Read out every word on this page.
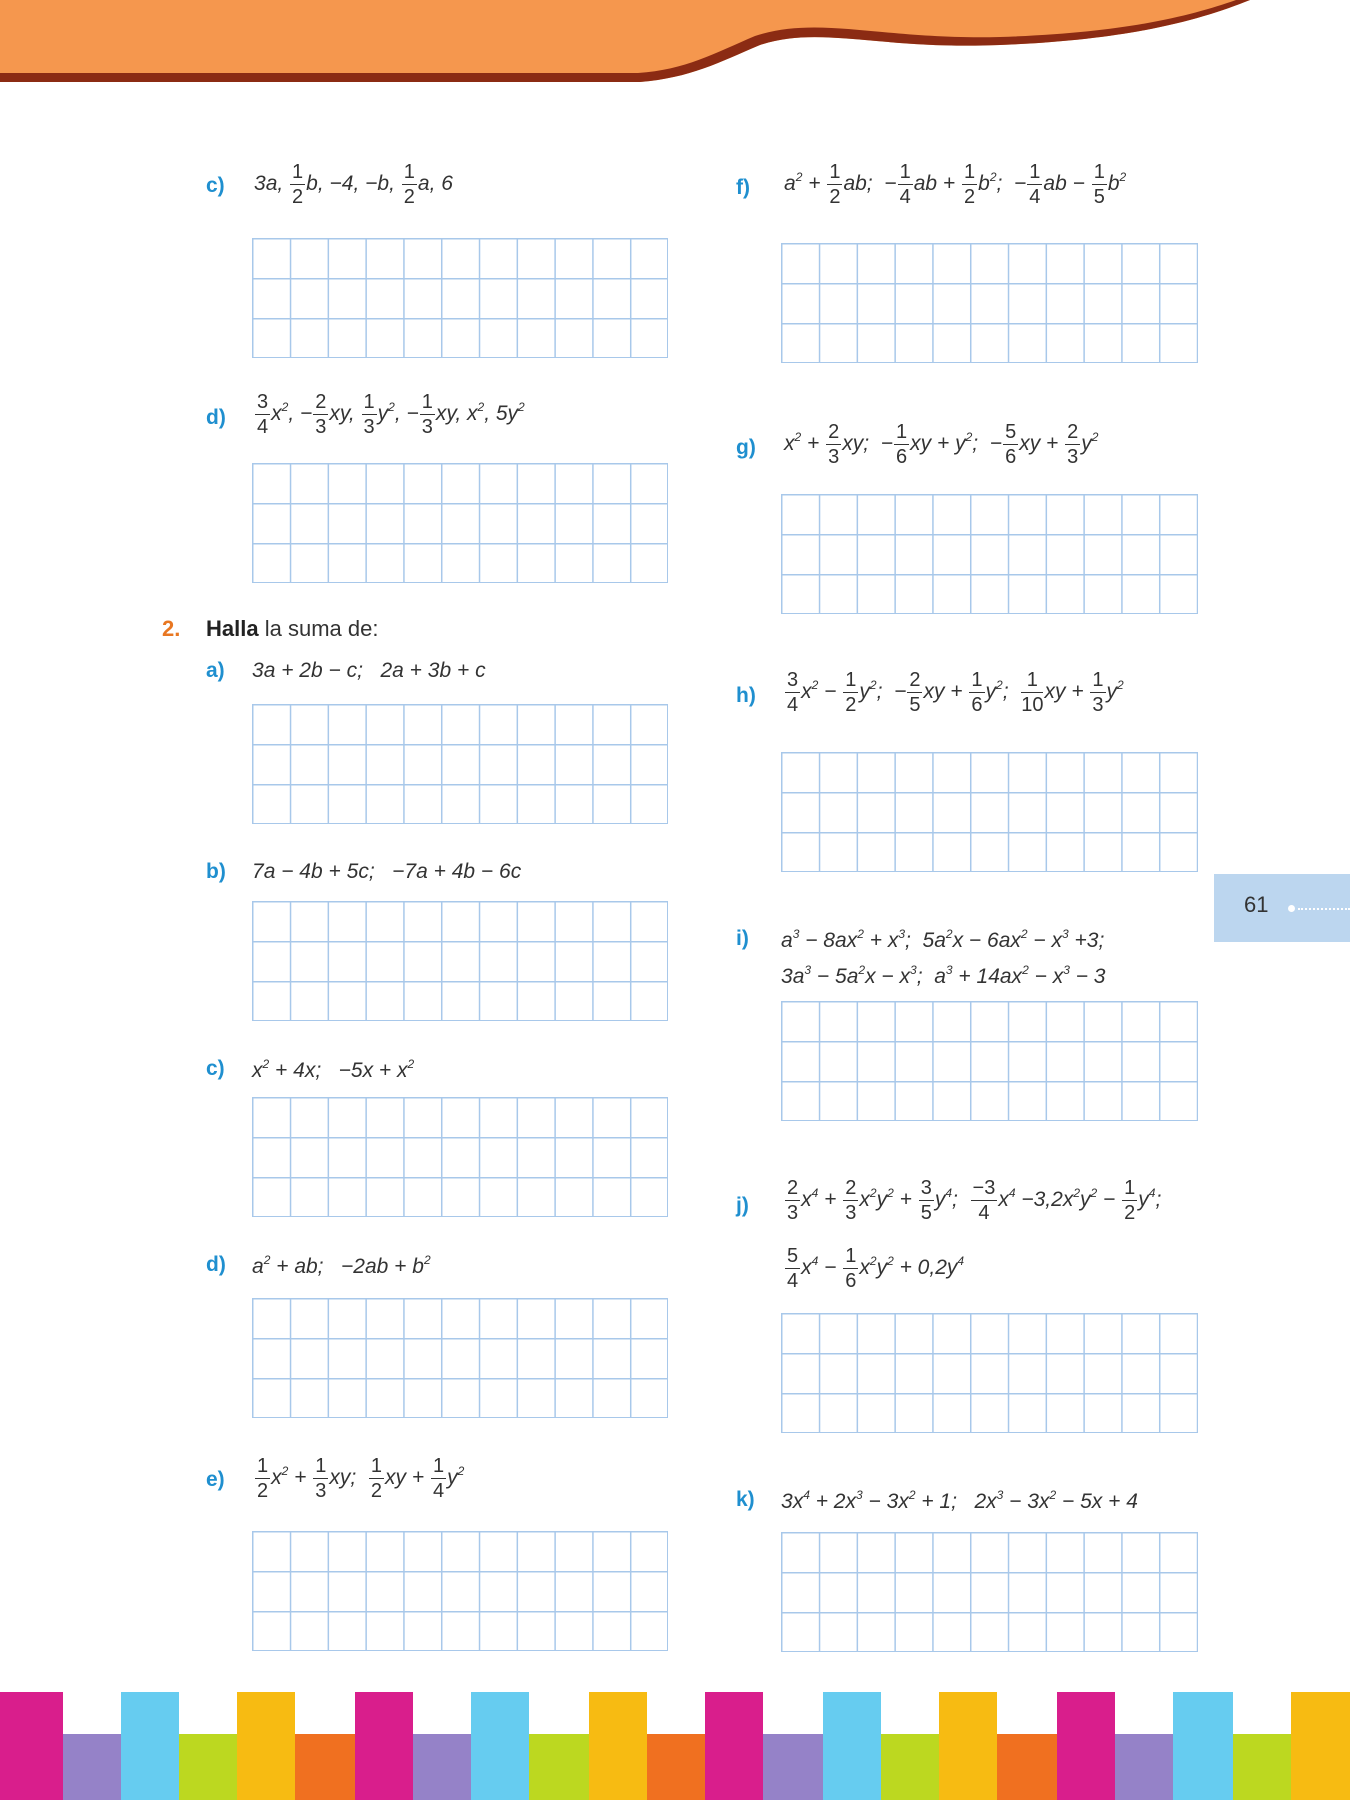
c) 3a, $\frac{1}{2} b$, −4, −b, $\frac{1}{2} a$, 6
$d) \frac{3}{4} x^2$, − $\frac{2}{3}$ xy, $\frac{1}{3} y^2$, − $\frac{1}{3}$ xy, $x^2$, $5y^2$
2. Halla la suma de:
a) 3a + 2b − c;   2a + 3b + c
b) 7a − 4b + 5c;   −7a + 4b − 6c
c) $x^2 + 4x$;   $-5x + x^2$
d) $a^2$ + ab;   $-2ab + b^2$
$e) \frac{1}{2} x^2 + \frac{1}{3}$ xy; $\frac{1}{2}$ xy + $\frac{1}{4} y^2$
f) $a^2 + \frac{1}{2}$ ab;  − $\frac{1}{4}$ ab + $\frac{1}{2} b^2$;  − $\frac{1}{4}$ ab − $\frac{1}{5} b^2$
g) $x^2 + \frac{2}{3}$ xy;  − $\frac{1}{6}$ xy + $y^2$;  − $\frac{5}{6}$ xy + $\frac{2}{3} y^2$
$h) \frac{3}{4} x^2 - \frac{1}{2} y^2$;  − $\frac{2}{5}$ xy + $\frac{1}{6} y^2$; $\frac{1}{10}$ xy + $\frac{1}{3} y^2$
i) $a^3 - 8ax^2 + x^3$;  $5a^2x - 6ax^2 - x^3 +3$;
$3a^3 - 5a^2x - x^3$;  $a^3 + 14ax^2 - x^3 - 3$
$j) \frac{2}{3} x^4 + \frac{2}{3} x^2y^2 + \frac{3}{5} y^4$; $\frac{-3}{4} x^4 -3,2x^2y^2 - \frac{1}{2} y^4$;
$\frac{5}{4} x^4 - \frac{1}{6} x^2y^2 + 0,2y^4$
k) $3x^4 + 2x^3 - 3x^2 + 1$;   $2x^3 - 3x^2 - 5x + 4$
61
